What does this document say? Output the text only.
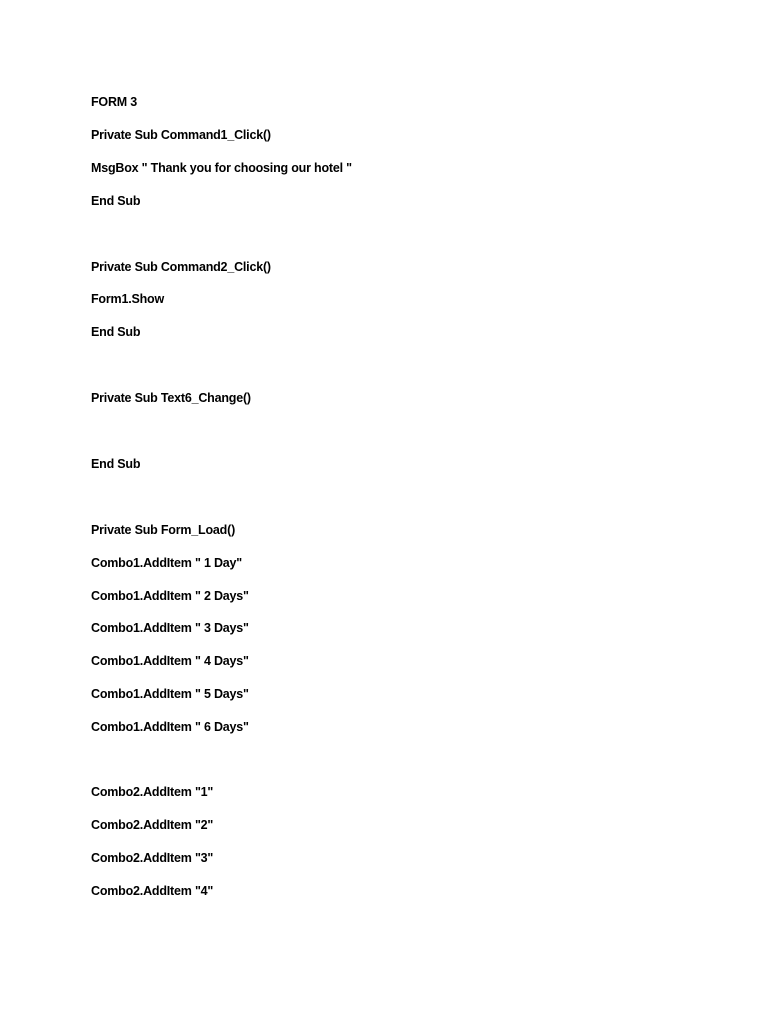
FORM 3
Private Sub Command1_Click()
MsgBox " Thank you for choosing our hotel "
End Sub
Private Sub Command2_Click()
Form1.Show
End Sub
Private Sub Text6_Change()
End Sub
Private Sub Form_Load()
Combo1.AddItem " 1 Day"
Combo1.AddItem " 2 Days"
Combo1.AddItem " 3 Days"
Combo1.AddItem " 4 Days"
Combo1.AddItem " 5 Days"
Combo1.AddItem " 6 Days"
Combo2.AddItem "1"
Combo2.AddItem "2"
Combo2.AddItem "3"
Combo2.AddItem "4"
